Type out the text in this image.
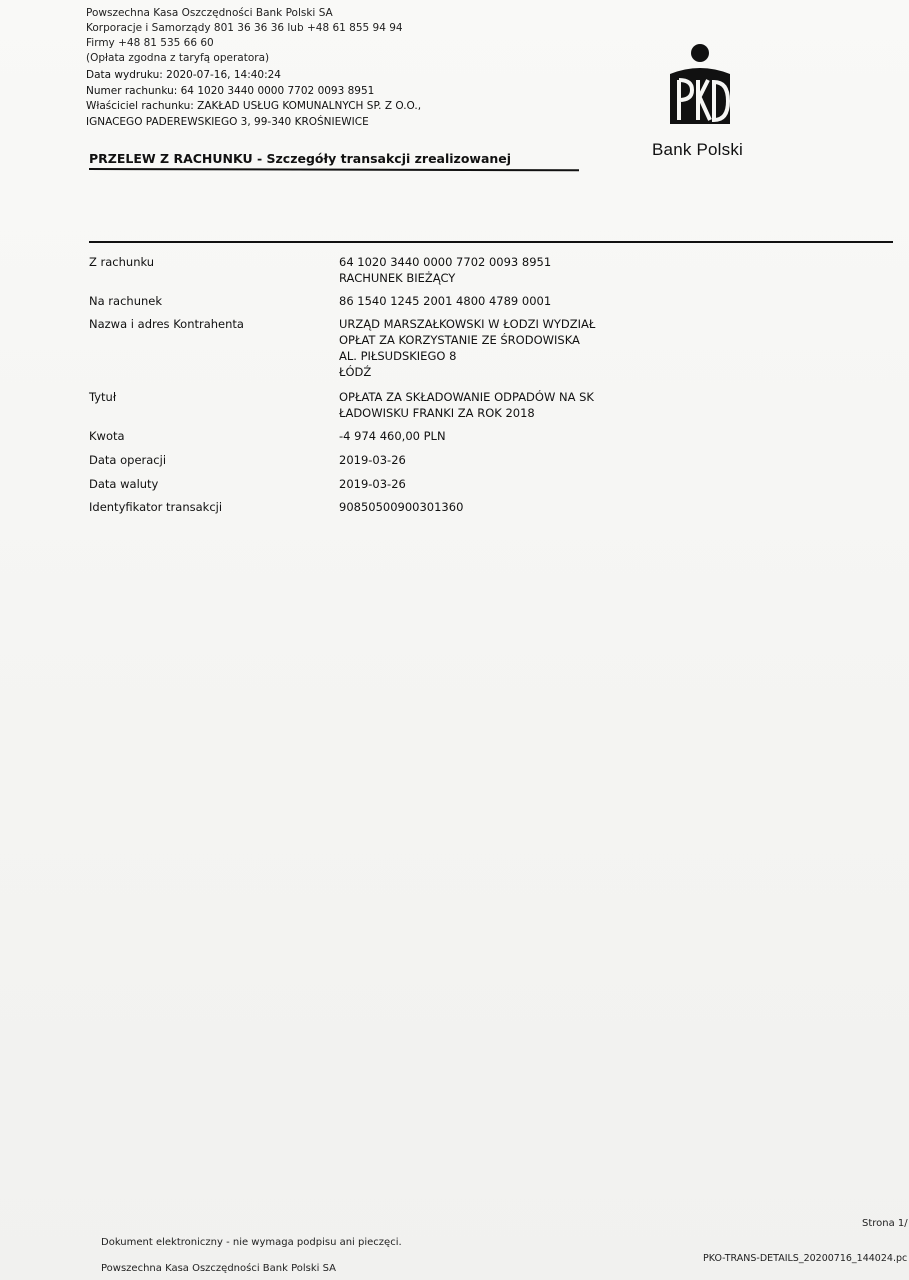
Powszechna Kasa Oszczędności Bank Polski SA
Korporacje i Samorządy 801 36 36 36 lub +48 61 855 94 94
Firmy +48 81 535 66 60
(Opłata zgodna z taryfą operatora)
Data wydruku: 2020-07-16, 14:40:24
Numer rachunku: 64 1020 3440 0000 7702 0093 8951
Właściciel rachunku: ZAKŁAD USŁUG KOMUNALNYCH SP. Z O.O.,
IGNACEGO PADEREWSKIEGO 3, 99-340 KROŚNIEWICE
Bank Polski
PRZELEW Z RACHUNKU - Szczegóły transakcji zrealizowanej
Z rachunku	64 1020 3440 0000 7702 0093 8951
RACHUNEK BIEŻĄCY
Na rachunek	86 1540 1245 2001 4800 4789 0001
Nazwa i adres Kontrahenta	URZĄD MARSZAŁKOWSKI W ŁODZI WYDZIAŁ
OPŁAT ZA KORZYSTANIE ZE ŚRODOWISKA
AL. PIŁSUDSKIEGO 8
ŁÓDŹ
Tytuł	OPŁATA ZA SKŁADOWANIE ODPADÓW NA SK
ŁADOWISKU FRANKI ZA ROK 2018
Kwota	-4 974 460,00 PLN
Data operacji	2019-03-26
Data waluty	2019-03-26
Identyfikator transakcji	90850500900301360
Strona 1/
Dokument elektroniczny - nie wymaga podpisu ani pieczęci.
PKO-TRANS-DETAILS_20200716_144024.pc
Powszechna Kasa Oszczędności Bank Polski SA
